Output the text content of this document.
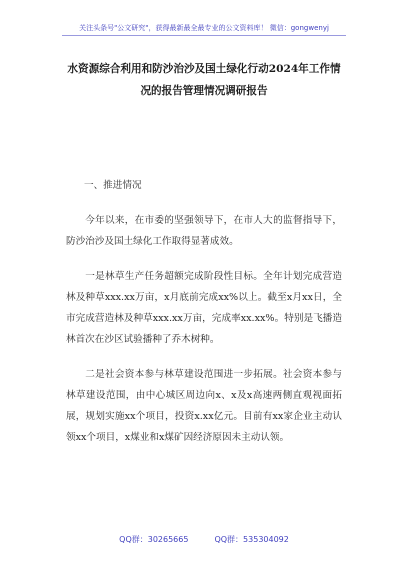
关注头条号"公文研究"，获得最新最全最专业的公文资料库！ 微信：gongwenyj
水资源综合利用和防沙治沙及国土绿化行动2024年工作情
况的报告管理情况调研报告
一、推进情况

今年以来，在市委的坚强领导下，在市人大的监督指导下，防沙治沙及国土绿化工作取得显著成效。

一是林草生产任务超额完成阶段性目标。全年计划完成营造林及种草xxx.xx万亩，x月底前完成xx%以上。截至x月xx日，全市完成营造林及种草xxx.xx万亩，完成率xx.xx%。特别是飞播造林首次在沙区试验播种了乔木树种。

二是社会资本参与林草建设范围进一步拓展。社会资本参与林草建设范围，由中心城区周边向x、x及x高速两侧直观视面拓展，规划实施xx个项目，投资x.xx亿元。目前有xx家企业主动认领xx个项目，x煤业和x煤矿因经济原因未主动认领。

QQ群：30265665	QQ群：535304092
